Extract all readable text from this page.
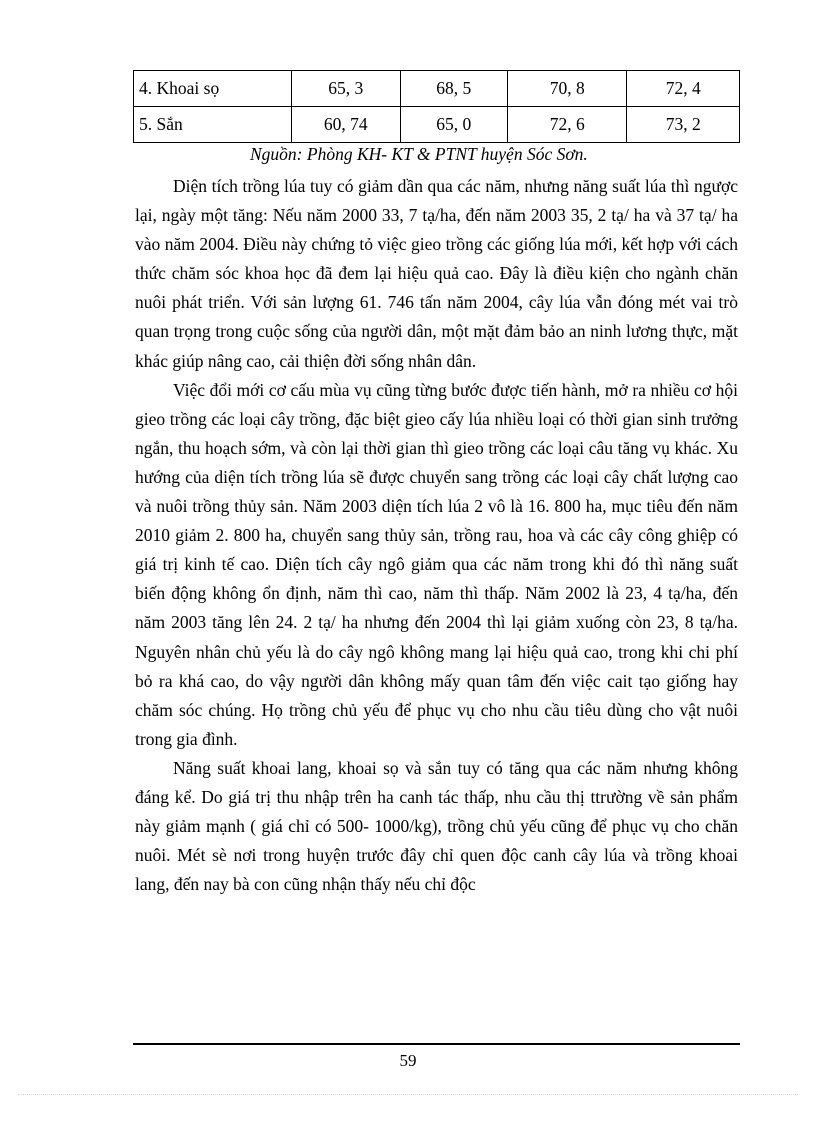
4. Khoai sọ	65, 3	68, 5	70, 8	72, 4
5. Sắn	60, 74	65, 0	72, 6	73, 2
Nguồn: Phòng KH- KT & PTNT huyện Sóc Sơn.

Diện tích trồng lúa tuy có giảm dần qua các năm, nhưng năng suất lúa thì ngược lại, ngày một tăng: Nếu năm 2000 33, 7 tạ/ha, đến năm 2003 35, 2 tạ/ ha và 37 tạ/ ha vào năm 2004. Điều này chứng tỏ việc gieo trồng các giống lúa mới, kết hợp với cách thức chăm sóc khoa học đã đem lại hiệu quả cao. Đây là điều kiện cho ngành chăn nuôi phát triển. Với sản lượng 61. 746 tấn năm 2004, cây lúa vẫn đóng mét vai trò quan trọng trong cuộc sống của người dân, một mặt đảm bảo an ninh lương thực, mặt khác giúp nâng cao, cải thiện đời sống nhân dân.

Việc đổi mới cơ cấu mùa vụ cũng từng bước được tiến hành, mở ra nhiều cơ hội gieo trồng các loại cây trồng, đặc biệt gieo cấy lúa nhiều loại có thời gian sinh trưởng ngắn, thu hoạch sớm, và còn lại thời gian thì gieo trồng các loại câu tăng vụ khác. Xu hướng của diện tích trồng lúa sẽ được chuyển sang trồng các loại cây chất lượng cao và nuôi trồng thủy sản. Năm 2003 diện tích lúa 2 vô là 16. 800 ha, mục tiêu đến năm 2010 giảm 2. 800 ha, chuyển sang thủy sản, trồng rau, hoa và các cây công ghiệp có giá trị kinh tế cao. Diện tích cây ngô giảm qua các năm trong khi đó thì năng suất biến động không ổn định, năm thì cao, năm thì thấp. Năm 2002 là 23, 4 tạ/ha, đến năm 2003 tăng lên 24. 2 tạ/ ha nhưng đến 2004 thì lại giảm xuống còn 23, 8 tạ/ha. Nguyên nhân chủ yếu là do cây ngô không mang lại hiệu quả cao, trong khi chi phí bỏ ra khá cao, do vậy người dân không mấy quan tâm đến việc cait tạo giống hay chăm sóc chúng. Họ trồng chủ yếu để phục vụ cho nhu cầu tiêu dùng cho vật nuôi trong gia đình.

Năng suất khoai lang, khoai sọ và sắn tuy có tăng qua các năm nhưng không đáng kể. Do giá trị thu nhập trên ha canh tác thấp, nhu cầu thị ttrường về sản phẩm này giảm mạnh ( giá chỉ có 500- 1000/kg), trồng chủ yếu cũng để phục vụ cho chăn nuôi. Mét sè nơi trong huyện trước đây chỉ quen độc canh cây lúa và trồng khoai lang, đến nay bà con cũng nhận thấy nếu chỉ độc

59
